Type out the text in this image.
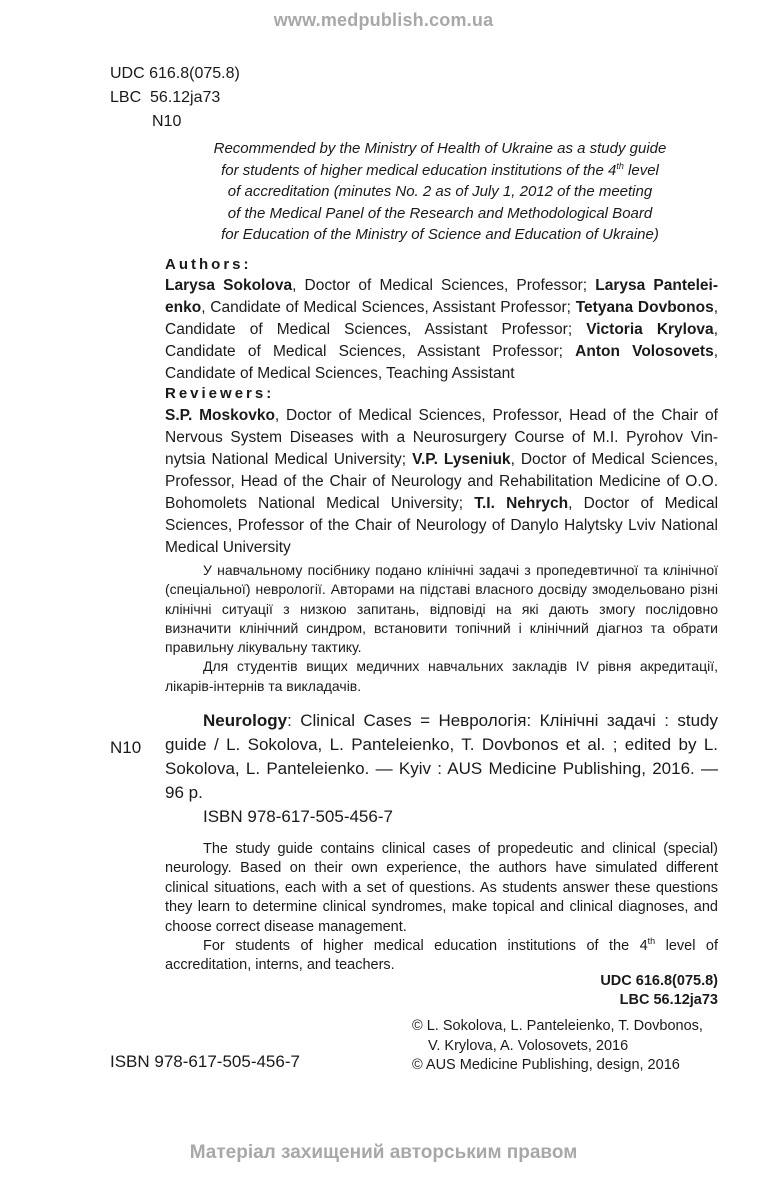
www.medpublish.com.ua
UDC 616.8(075.8)
LBC 56.12ja73
N10
Recommended by the Ministry of Health of Ukraine as a study guide
for students of higher medical education institutions of the 4th level
of accreditation (minutes No. 2 as of July 1, 2012 of the meeting
of the Medical Panel of the Research and Methodological Board
for Education of the Ministry of Science and Education of Ukraine)
Authors:
Larysa Sokolova, Doctor of Medical Sciences, Professor; Larysa Panteleienko, Candidate of Medical Sciences, Assistant Professor; Tetyana Dovbonos, Candidate of Medical Sciences, Assistant Professor; Victoria Krylova, Candidate of Medical Sciences, Assistant Professor; Anton Volosovets, Candidate of Medical Sciences, Teaching Assistant
Reviewers:
S.P. Moskovko, Doctor of Medical Sciences, Professor, Head of the Chair of Nervous System Diseases with a Neurosurgery Course of M.I. Pyrohov Vinnytsia National Medical University; V.P. Lyseniuk, Doctor of Medical Sciences, Professor, Head of the Chair of Neurology and Rehabilitation Medicine of O.O. Bohomolets National Medical University; T.I. Nehrych, Doctor of Medical Sciences, Professor of the Chair of Neurology of Danylo Halytsky Lviv National Medical University

У навчальному посібнику подано клінічні задачі з пропедевтичної та клінічної (спеціальної) неврології. Авторами на підставі власного досвіду змодельовано різні клінічні ситуації з низкою запитань, відповіді на які дають змогу послідовно визначити клінічний синдром, встановити топічний і клінічний діагноз та обрати правильну лікувальну тактику.

Для студентів вищих медичних навчальних закладів IV рівня акредитації, лікарів-інтернів та викладачів.

N10

Neurology: Clinical Cases = Неврологія: Клінічні задачі : study guide / L. Sokolova, L. Panteleienko, T. Dovbonos et al. ; edited by L. Sokolova, L. Panteleienko. — Kyiv : AUS Medicine Publishing, 2016. — 96 p.

ISBN 978-617-505-456-7

The study guide contains clinical cases of propedeutic and clinical (special) neurology. Based on their own experience, the authors have simulated different clinical situations, each with a set of questions. As students answer these questions they learn to determine clinical syndromes, make topical and clinical diagnoses, and choose correct disease management.

For students of higher medical education institutions of the 4th level of accreditation, interns, and teachers.

UDC 616.8(075.8)
LBC 56.12ja73
© L. Sokolova, L. Panteleienko, T. Dovbonos,
V. Krylova, A. Volosovets, 2016
© AUS Medicine Publishing, design, 2016
ISBN 978-617-505-456-7
Матеріал захищений авторським правом
